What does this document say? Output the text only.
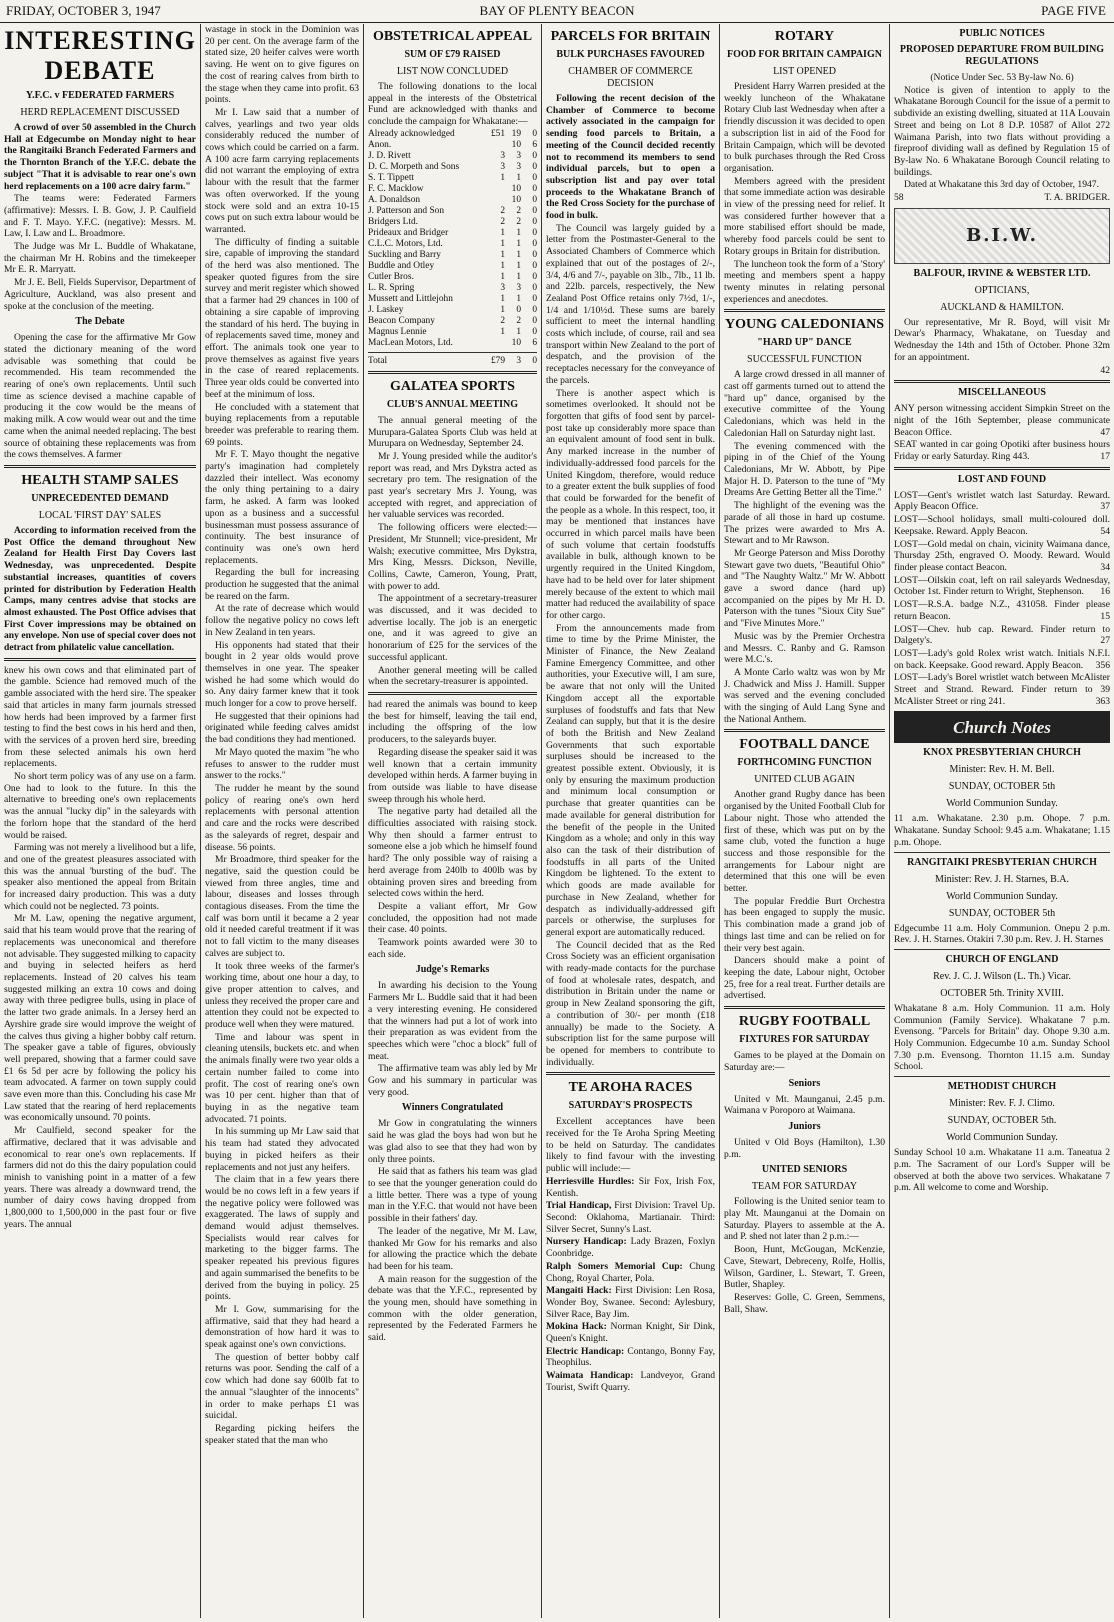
FRIDAY, OCTOBER 3, 1947	BAY OF PLENTY BEACON	PAGE FIVE
INTERESTING DEBATE
Y.F.C. v FEDERATED FARMERS
HERD REPLACEMENT DISCUSSED

A crowd of over 50 assembled in the Church Hall at Edgecumbe on Monday night to hear the Rangitaiki Branch Federated Farmers and the Thornton Branch of the Y.F.C. debate the subject "That it is advisable to rear one's own herd replacements on a 100 acre dairy farm."

The teams were: Federated Farmers (affirmative): Messrs. I. B. Gow, J. P. Caulfield and F. T. Mayo. Y.F.C. (negative): Messrs. M. Law, I. Law and L. Broadmore.

The Judge was Mr L. Buddle of Whakatane, the chairman Mr H. Robins and the timekeeper Mr E. R. Marryatt.

Mr J. E. Bell, Fields Supervisor, Department of Agriculture, Auckland, was also present and spoke at the conclusion of the meeting.

The Debate

Opening the case for the affirmative Mr Gow stated the dictionary meaning of the word advisable was something that could be recommended. His team recommended the rearing of one's own replacements. Until such time as science devised a machine capable of producing it the cow would be the means of making milk. A cow would wear out and the time came when the animal needed replacing. The best source of obtaining these replacements was from the cows themselves. A farmer

HEALTH STAMP SALES
UNPRECEDENTED DEMAND
LOCAL 'FIRST DAY' SALES

According to information received from the Post Office the demand throughout New Zealand for Health First Day Covers last Wednesday, was unprecedented. Despite substantial increases, quantities of covers printed for distribution by Federation Health Camps, many centres advise that stocks are almost exhausted. The Post Office advises that First Cover impressions may be obtained on any envelope. Non use of special cover does not detract from philatelic value cancellation.

knew his own cows and that eliminated part of the gamble. Science had removed much of the gamble associated with the herd sire. The speaker said that articles in many farm journals stressed how herds had been improved by a farmer first testing to find the best cows in his herd and then, with the services of a proven herd sire, breeding from these selected animals his own herd replacements.

No short term policy was of any use on a farm. One had to look to the future. In this the alternative to breeding one's own replacements was the annual "lucky dip" in the saleyards with the forlorn hope that the standard of the herd would be raised.

Farming was not merely a livelihood but a life, and one of the greatest pleasures associated with this was the annual 'bursting of the bud'. The speaker also mentioned the appeal from Britain for increased dairy production. This was a duty which could not be neglected. 73 points.

Mr M. Law, opening the negative argument, said that his team would prove that the rearing of replacements was uneconomical and therefore not advisable. They suggested milking to capacity and buying in selected heifers as herd replacements. Instead of 20 calves his team suggested milking an extra 10 cows and doing away with three pedigree bulls, using in place of the latter two grade animals. In a Jersey herd an Ayrshire grade sire would improve the weight of the calves thus giving a higher bobby calf return. The speaker gave a table of figures, obviously well prepared, showing that a farmer could save £1 6s 5d per acre by following the policy his team advocated. A farmer on town supply could save even more than this. Concluding his case Mr Law stated that the rearing of herd replacements was economically unsound. 70 points.

Mr Caulfield, second speaker for the affirmative, declared that it was advisable and economical to rear one's own replacements. If farmers did not do this the dairy population could minish to vanishing point in a matter of a few years. There was already a downward trend, the number of dairy cows having dropped from 1,800,000 to 1,500,000 in the past four or five years. The annual

wastage in stock in the Dominion was 20 per cent. On the average farm of the stated size, 20 heifer calves were worth saving. He went on to give figures on the cost of rearing calves from birth to the stage when they came into profit. 63 points.

Mr I. Law said that a number of calves, yearlings and two year olds considerably reduced the number of cows which could be carried on a farm. A 100 acre farm carrying replacements did not warrant the employing of extra labour with the result that the farmer was often overworked. If the young stock were sold and an extra 10-15 cows put on such extra labour would be warranted.

The difficulty of finding a suitable sire, capable of improving the standard of the herd was also mentioned. The speaker quoted figures from the sire survey and merit register which showed that a farmer had 29 chances in 100 of obtaining a sire capable of improving the standard of his herd. The buying in of replacements saved time, money and effort. The animals took one year to prove themselves as against five years in the case of reared replacements. Three year olds could be converted into beef at the minimum of loss.

He concluded with a statement that buying replacements from a reputable breeder was preferable to rearing them. 69 points.

Mr F. T. Mayo thought the negative party's imagination had completely dazzled their intellect. Was economy the only thing pertaining to a dairy farm, he asked. A farm was looked upon as a business and a successful businessman must possess assurance of continuity. The best insurance of continuity was one's own herd replacements.

Regarding the bull for increasing production he suggested that the animal be reared on the farm.

At the rate of decrease which would follow the negative policy no cows left in New Zealand in ten years.

His opponents had stated that their bought in 2 year olds would prove themselves in one year. The speaker wished he had some which would do so. Any dairy farmer knew that it took much longer for a cow to prove herself.

He suggested that their opinions had originated while feeding calves amidst the bad conditions they had mentioned.

Mr Mayo quoted the maxim "he who refuses to answer to the rudder must answer to the rocks."

The rudder he meant by the sound policy of rearing one's own herd replacements with personal attention and care and the rocks were described as the saleyards of regret, despair and disease. 56 points.

Mr Broadmore, third speaker for the negative, said the question could be viewed from three angles, time and labour, diseases and losses through contagious diseases. From the time the calf was born until it became a 2 year old it needed careful treatment if it was not to fall victim to the many diseases calves are subject to.

It took three weeks of the farmer's working time, about one hour a day, to give proper attention to calves, and unless they received the proper care and attention they could not be expected to produce well when they were matured.

Time and labour was spent in cleaning utensils, buckets etc. and when the animals finally were two year olds a certain number failed to come into profit. The cost of rearing one's own was 10 per cent. higher than that of buying in as the negative team advocated. 71 points.

In his summing up Mr Law said that his team had stated they advocated buying in picked heifers as their replacements and not just any heifers.

The claim that in a few years there would be no cows left in a few years if the negative policy were followed was exaggerated. The laws of supply and demand would adjust themselves. Specialists would rear calves for marketing to the bigger farms. The speaker repeated his previous figures and again summarised the benefits to be derived from the buying in policy. 25 points.

Mr I. Gow, summarising for the affirmative, said that they had heard a demonstration of how hard it was to speak against one's own convictions.

The question of better bobby calf returns was poor. Sending the calf of a cow which had done say 600lb fat to the annual "slaughter of the innocents" in order to make perhaps £1 was suicidal.

Regarding picking heifers the speaker stated that the man who

OBSTETRICAL APPEAL
SUM OF £79 RAISED
LIST NOW CONCLUDED

The following donations to the local appeal in the interests of the Obstetrical Fund are acknowledged with thanks and conclude the campaign for Whakatane:—

Already acknowledged	£51	19	0
Anon.		10	6
J. D. Rivett	3	3	0
D. C. Morpeth and Sons	3	3	0
S. T. Tippett	1	1	0
F. C. Macklow		10	0
A. Donaldson		10	0
J. Patterson and Son	2	2	0
Bridgers Ltd.	2	2	0
Prideaux and Bridger	1	1	0
C.L.C. Motors, Ltd.	1	1	0
Suckling and Barry	1	1	0
Buddle and Otley	1	1	0
Cutler Bros.	1	1	0
L. R. Spring	3	3	0
Mussett and Littlejohn	1	1	0
J. Laskey	1	0	0
Beacon Company	2	2	0
Magnus Lennie	1	1	0
MacLean Motors, Ltd.		10	6
Total	£79	3	0
GALATEA SPORTS
CLUB'S ANNUAL MEETING

The annual general meeting of the Murupara-Galatea Sports Club was held at Murupara on Wednesday, September 24.

Mr J. Young presided while the auditor's report was read, and Mrs Dykstra acted as secretary pro tem. The resignation of the past year's secretary Mrs J. Young, was accepted with regret, and appreciation of her valuable services was recorded.

The following officers were elected:—President, Mr Stunnell; vice-president, Mr Walsh; executive committee, Mrs Dykstra, Mrs King, Messrs. Dickson, Neville, Collins, Cawte, Cameron, Young, Pratt, with power to add.

The appointment of a secretary-treasurer was discussed, and it was decided to advertise locally. The job is an energetic one, and it was agreed to give an honorarium of £25 for the services of the successful applicant.

Another general meeting will be called when the secretary-treasurer is appointed.

had reared the animals was bound to keep the best for himself, leaving the tail end, including the offspring of the low producers, to the saleyards buyer.

Regarding disease the speaker said it was well known that a certain immunity developed within herds. A farmer buying in from outside was liable to have disease sweep through his whole herd.

The negative party had detailed all the difficulties associated with raising stock. Why then should a farmer entrust to someone else a job which he himself found hard? The only possible way of raising a herd average from 240lb to 400lb was by obtaining proven sires and breeding from selected cows within the herd.

Despite a valiant effort, Mr Gow concluded, the opposition had not made their case. 40 points.

Teamwork points awarded were 30 to each side.

Judge's Remarks

In awarding his decision to the Young Farmers Mr L. Buddle said that it had been a very interesting evening. He considered that the winners had put a lot of work into their preparation as was evident from the speeches which were "choc a block" full of meat.

The affirmative team was ably led by Mr Gow and his summary in particular was very good.

Winners Congratulated

Mr Gow in congratulating the winners said he was glad the boys had won but he was glad also to see that they had won by only three points.

He said that as fathers his team was glad to see that the younger generation could do a little better. There was a type of young man in the Y.F.C. that would not have been possible in their fathers' day.

The leader of the negative, Mr M. Law, thanked Mr Gow for his remarks and also for allowing the practice which the debate had been for his team.

A main reason for the suggestion of the debate was that the Y.F.C., represented by the young men, should have something in common with the older generation, represented by the Federated Farmers he said.

PARCELS FOR BRITAIN
BULK PURCHASES FAVOURED
CHAMBER OF COMMERCE DECISION

Following the recent decision of the Chamber of Commerce to become actively associated in the campaign for sending food parcels to Britain, a meeting of the Council decided recently not to recommend its members to send individual parcels, but to open a subscription list and pay over total proceeds to the Whakatane Branch of the Red Cross Society for the purchase of food in bulk.

The Council was largely guided by a letter from the Postmaster-General to the Associated Chambers of Commerce which explained that out of the postages of 2/-, 3/4, 4/6 and 7/-, payable on 3lb., 7lb., 11 lb. and 22lb. parcels, respectively, the New Zealand Post Office retains only 7½d, 1/-, 1/4 and 1/10½d. These sums are barely sufficient to meet the internal handling costs which include, of course, rail and sea transport within New Zealand to the port of despatch, and the provision of the receptacles necessary for the conveyance of the parcels.

There is another aspect which is sometimes overlooked. It should not be forgotten that gifts of food sent by parcel-post take up considerably more space than an equivalent amount of food sent in bulk. Any marked increase in the number of individually-addressed food parcels for the United Kingdom, therefore, would reduce to a greater extent the bulk supplies of food that could be forwarded for the benefit of the people as a whole. In this respect, too, it may be mentioned that instances have occurred in which parcel mails have been of such volume that certain foodstuffs available in bulk, although known to be urgently required in the United Kingdom, have had to be held over for later shipment merely because of the extent to which mail matter had reduced the availability of space for other cargo.

From the announcements made from time to time by the Prime Minister, the Minister of Finance, the New Zealand Famine Emergency Committee, and other authorities, your Executive will, I am sure, be aware that not only will the United Kingdom accept all the exportable surpluses of foodstuffs and fats that New Zealand can supply, but that it is the desire of both the British and New Zealand Governments that such exportable surpluses should be increased to the greatest possible extent. Obviously, it is only by ensuring the maximum production and minimum local consumption or purchase that greater quantities can be made available for general distribution for the benefit of the people in the United Kingdom as a whole; and only in this way also can the task of their distribution of foodstuffs in all parts of the United Kingdom be lightened. To the extent to which goods are made available for purchase in New Zealand, whether for despatch as individually-addressed gift parcels or otherwise, the surpluses for general export are automatically reduced.

The Council decided that as the Red Cross Society was an efficient organisation with ready-made contacts for the purchase of food at wholesale rates, despatch, and distribution in Britain under the name or group in New Zealand sponsoring the gift, a contribution of 30/- per month (£18 annually) be made to the Society. A subscription list for the same purpose will be opened for members to contribute to individually.

TE AROHA RACES
SATURDAY'S PROSPECTS

Excellent acceptances have been received for the Te Aroha Spring Meeting to be held on Saturday. The candidates likely to find favour with the investing public will include:—

Herriesville Hurdles: Sir Fox, Irish Fox, Kentish.

Trial Handicap, First Division: Travel Up. Second: Oklahoma, Martianair. Third: Silver Secret, Sunny's Last.

Nursery Handicap: Lady Brazen, Foxlyn Coonbridge.

Ralph Somers Memorial Cup: Chung Chong, Royal Charter, Pola.

Mangaiti Hack: First Division: Len Rosa, Wonder Boy, Swanee. Second: Aylesbury, Silver Race, Bay Jim.

Mokina Hack: Norman Knight, Sir Dink, Queen's Knight.

Electric Handicap: Contango, Bonny Fay, Theophilus.

Waimata Handicap: Landveyor, Grand Tourist, Swift Quarry.

ROTARY
FOOD FOR BRITAIN CAMPAIGN
LIST OPENED

President Harry Warren presided at the weekly luncheon of the Whakatane Rotary Club last Wednesday when after a friendly discussion it was decided to open a subscription list in aid of the Food for Britain Campaign, which will be devoted to bulk purchases through the Red Cross organisation.

Members agreed with the president that some immediate action was desirable in view of the pressing need for relief. It was considered further however that a more stabilised effort should be made, whereby food parcels could be sent to Rotary groups in Britain for distribution.

The luncheon took the form of a 'Story' meeting and members spent a happy twenty minutes in relating personal experiences and anecdotes.

YOUNG CALEDONIANS
"HARD UP" DANCE
SUCCESSFUL FUNCTION

A large crowd dressed in all manner of cast off garments turned out to attend the "hard up" dance, organised by the executive committee of the Young Caledonians, which was held in the Caledonian Hall on Saturday night last.

The evening commenced with the piping in of the Chief of the Young Caledonians, Mr W. Abbott, by Pipe Major H. D. Paterson to the tune of "My Dreams Are Getting Better all the Time."

The highlight of the evening was the parade of all those in hard up costume. The prizes were awarded to Mrs A. Stewart and to Mr Rawson.

Mr George Paterson and Miss Dorothy Stewart gave two duets, "Beautiful Ohio" and "The Naughty Waltz." Mr W. Abbott gave a sword dance (hard up) accompanied on the pipes by Mr H. D. Paterson with the tunes "Sioux City Sue" and "Five Minutes More."

Music was by the Premier Orchestra and Messrs. C. Ranby and G. Ramson were M.C.'s.

A Monte Carlo waltz was won by Mr J. Chadwick and Miss J. Hamill. Supper was served and the evening concluded with the singing of Auld Lang Syne and the National Anthem.

FOOTBALL DANCE
FORTHCOMING FUNCTION
UNITED CLUB AGAIN

Another grand Rugby dance has been organised by the United Football Club for Labour night. Those who attended the first of these, which was put on by the same club, voted the function a huge success and those responsible for the arrangements for Labour night are determined that this one will be even better.

The popular Freddie Burt Orchestra has been engaged to supply the music. This combination made a grand job of things last time and can be relied on for their very best again.

Dancers should make a point of keeping the date, Labour night, October 25, free for a real treat. Further details are advertised.

RUGBY FOOTBALL
FIXTURES FOR SATURDAY

Games to be played at the Domain on Saturday are:—

Seniors

United v Mt. Maunganui, 2.45 p.m. Waimana v Poroporo at Waimana.

Juniors

United v Old Boys (Hamilton), 1.30 p.m.

UNITED SENIORS
TEAM FOR SATURDAY

Following is the United senior team to play Mt. Maunganui at the Domain on Saturday. Players to assemble at the A. and P. shed not later than 2 p.m.:—

Boon, Hunt, McGougan, McKenzie, Cave, Stewart, Debreceny, Rolfe, Hollis, Wilson, Gardiner, L. Stewart, T. Green, Butler, Shapley.

Reserves: Golle, C. Green, Semmens, Ball, Shaw.

PUBLIC NOTICES
PROPOSED DEPARTURE FROM BUILDING REGULATIONS

(Notice Under Sec. 53 By-law No. 6)

Notice is given of intention to apply to the Whakatane Borough Council for the issue of a permit to subdivide an existing dwelling, situated at 11A Louvain Street and being on Lot 8 D.P. 10587 of Allot 272 Waimana Parish, into two flats without providing a fireproof dividing wall as defined by Regulation 15 of By-law No. 6 Whakatane Borough Council relating to buildings.

Dated at Whakatane this 3rd day of October, 1947.

58	T. A. BRIDGER.

B.I.W.
BALFOUR, IRVINE & WEBSTER LTD.
OPTICIANS,
AUCKLAND & HAMILTON.

Our representative, Mr R. Boyd, will visit Mr Dewar's Pharmacy, Whakatane, on Tuesday and Wednesday the 14th and 15th of October. Phone 32m for an appointment.

42

MISCELLANEOUS

ANY person witnessing accident Simpkin Street on the night of the 16th September, please communicate Beacon Office.	47

SEAT wanted in car going Opotiki after business hours Friday or early Saturday. Ring 443.	17

LOST AND FOUND

LOST—Gent's wristlet watch last Saturday. Reward. Apply Beacon Office.	37

LOST—School holidays, small multi-coloured doll. Keepsake. Reward. Apply Beacon.	54

LOST—Gold medal on chain, vicinity Waimana dance, Thursday 25th, engraved O. Moody. Reward. Would finder please contact Beacon.	34

LOST—Oilskin coat, left on rail saleyards Wednesday, October 1st. Finder return to Wright, Stephenson. 16

LOST—R.S.A. badge N.Z., 431058. Finder please return Beacon.	15

LOST—Chev. hub cap. Reward. Finder return to Dalgety's.	27

LOST—Lady's gold Rolex wrist watch. Initials N.F.I. on back. Keepsake. Good reward. Apply Beacon. 356

LOST—Lady's Borel wristlet watch between McAlister Street and Strand. Reward. Finder return to 39 McAlister Street or ring 241.	363

Church Notes
KNOX PRESBYTERIAN CHURCH
Minister: Rev. H. M. Bell.
SUNDAY, OCTOBER 5th
World Communion Sunday.

11 a.m. Whakatane. 2.30 p.m. Ohope. 7 p.m. Whakatane. Sunday School: 9.45 a.m. Whakatane; 1.15 p.m. Ohope.

RANGITAIKI PRESBYTERIAN CHURCH
Minister: Rev. J. H. Starnes, B.A.
World Communion Sunday.
SUNDAY, OCTOBER 5th

Edgecumbe 11 a.m. Holy Communion. Onepu 2 p.m. Rev. J. H. Starnes. Otakiri 7.30 p.m. Rev. J. H. Starnes

CHURCH OF ENGLAND
Rev. J. C. J. Wilson (L. Th.) Vicar.
OCTOBER 5th. Trinity XVIII.

Whakatane 8 a.m. Holy Communion. 11 a.m. Holy Communion (Family Service). Whakatane 7 p.m. Evensong. "Parcels for Britain" day. Ohope 9.30 a.m. Holy Communion. Edgecumbe 10 a.m. Sunday School 7.30 p.m. Evensong. Thornton 11.15 a.m. Sunday School.

METHODIST CHURCH
Minister: Rev. F. J. Climo.
SUNDAY, OCTOBER 5th.
World Communion Sunday.

Sunday School 10 a.m. Whakatane 11 a.m. Taneatua 2 p.m. The Sacrament of our Lord's Supper will be observed at both the above two services. Whakatane 7 p.m. All welcome to come and Worship.
